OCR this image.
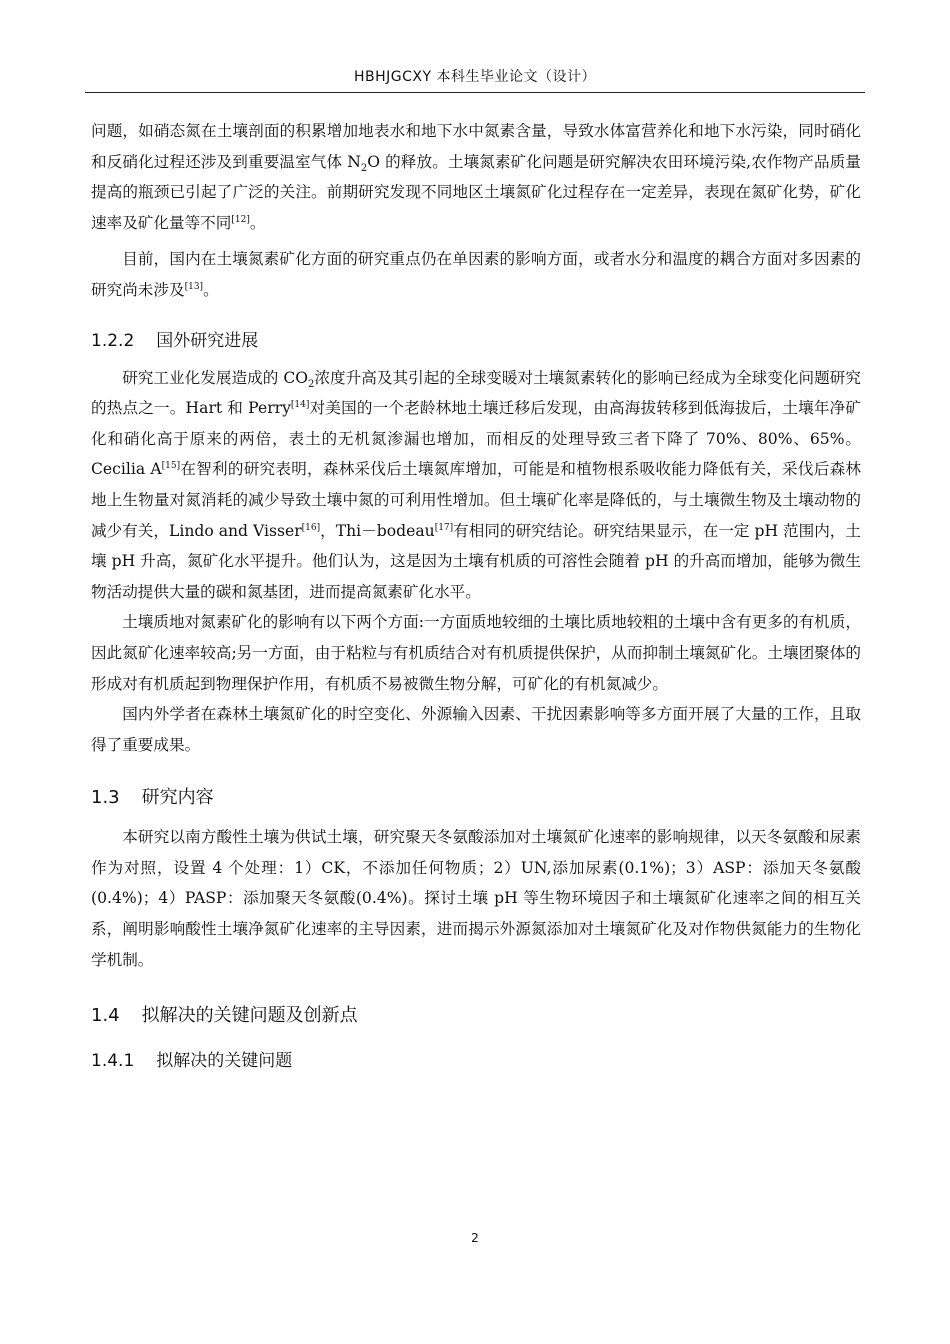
HBHJGCXY 本科生毕业论文（设计）

问题，如硝态氮在土壤剖面的积累增加地表水和地下水中氮素含量，导致水体富营养化和地下水污染，同时硝化和反硝化过程还涉及到重要温室气体 $N_2O$ 的释放。土壤氮素矿化问题是研究解决农田环境污染,农作物产品质量提高的瓶颈已引起了广泛的关注。前期研究发现不同地区土壤氮矿化过程存在一定差异，表现在氮矿化势，矿化速率及矿化量等不同[12]。

目前，国内在土壤氮素矿化方面的研究重点仍在单因素的影响方面，或者水分和温度的耦合方面对多因素的研究尚未涉及[13]。

1.2.2 国外研究进展

研究工业化发展造成的 $CO_2$浓度升高及其引起的全球变暖对土壤氮素转化的影响已经成为全球变化问题研究的热点之一。Hart 和 Perry[14]对美国的一个老龄林地土壤迁移后发现，由高海拔转移到低海拔后，土壤年净矿化和硝化高于原来的两倍，表土的无机氮渗漏也增加，而相反的处理导致三者下降了 70%、80%、65%。Cecilia A[15]在智利的研究表明，森林采伐后土壤氮库增加，可能是和植物根系吸收能力降低有关，采伐后森林地上生物量对氮消耗的减少导致土壤中氮的可利用性增加。但土壤矿化率是降低的，与土壤微生物及土壤动物的减少有关，Lindo and Visser[16]，Thi－bodeau[17]有相同的研究结论。研究结果显示，在一定 pH 范围内，土壤 pH 升高，氮矿化水平提升。他们认为，这是因为土壤有机质的可溶性会随着 pH 的升高而增加，能够为微生物活动提供大量的碳和氮基团，进而提高氮素矿化水平。

土壤质地对氮素矿化的影响有以下两个方面:一方面质地较细的土壤比质地较粗的土壤中含有更多的有机质，因此氮矿化速率较高;另一方面，由于粘粒与有机质结合对有机质提供保护，从而抑制土壤氮矿化。土壤团聚体的形成对有机质起到物理保护作用，有机质不易被微生物分解，可矿化的有机氮减少。

国内外学者在森林土壤氮矿化的时空变化、外源输入因素、干扰因素影响等多方面开展了大量的工作，且取得了重要成果。

1.3 研究内容

本研究以南方酸性土壤为供试土壤，研究聚天冬氨酸添加对土壤氮矿化速率的影响规律，以天冬氨酸和尿素作为对照，设置 4 个处理：1）CK，不添加任何物质；2）UN,添加尿素(0.1%)；3）ASP：添加天冬氨酸(0.4%)；4）PASP：添加聚天冬氨酸(0.4%)。探讨土壤 pH 等生物环境因子和土壤氮矿化速率之间的相互关系，阐明影响酸性土壤净氮矿化速率的主导因素，进而揭示外源氮添加对土壤氮矿化及对作物供氮能力的生物化学机制。

1.4 拟解决的关键问题及创新点
1.4.1 拟解决的关键问题
2
